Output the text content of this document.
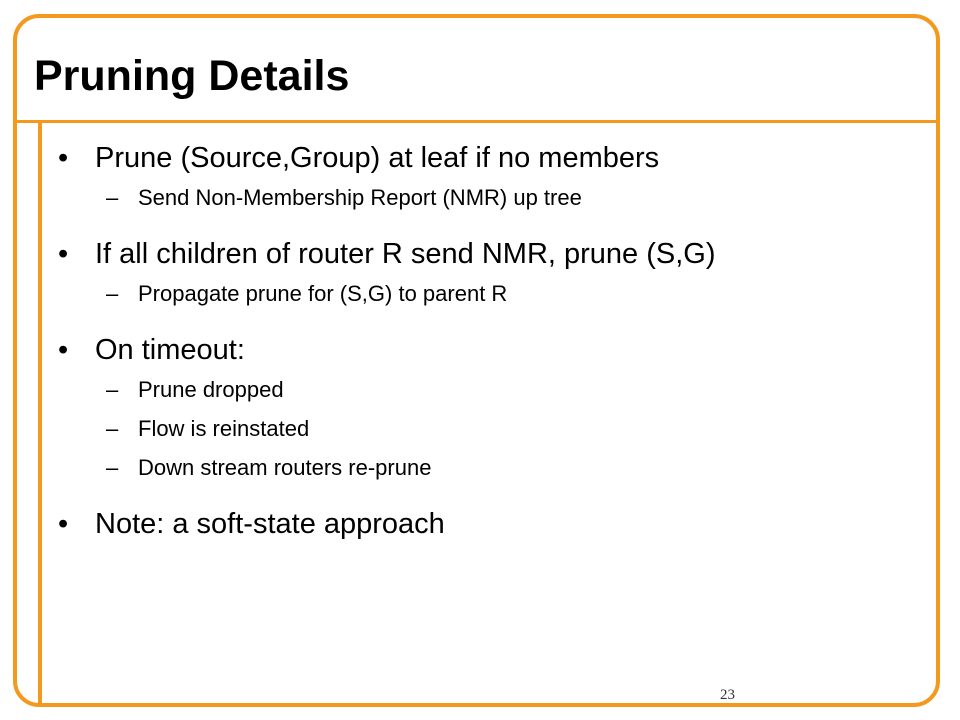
Pruning Details
• Prune (Source,Group) at leaf if no members
– Send Non-Membership Report (NMR) up tree
• If all children of router R send NMR, prune (S,G)
– Propagate prune for (S,G) to parent R
• On timeout:
– Prune dropped
– Flow is reinstated
– Down stream routers re-prune
• Note: a soft-state approach
23
